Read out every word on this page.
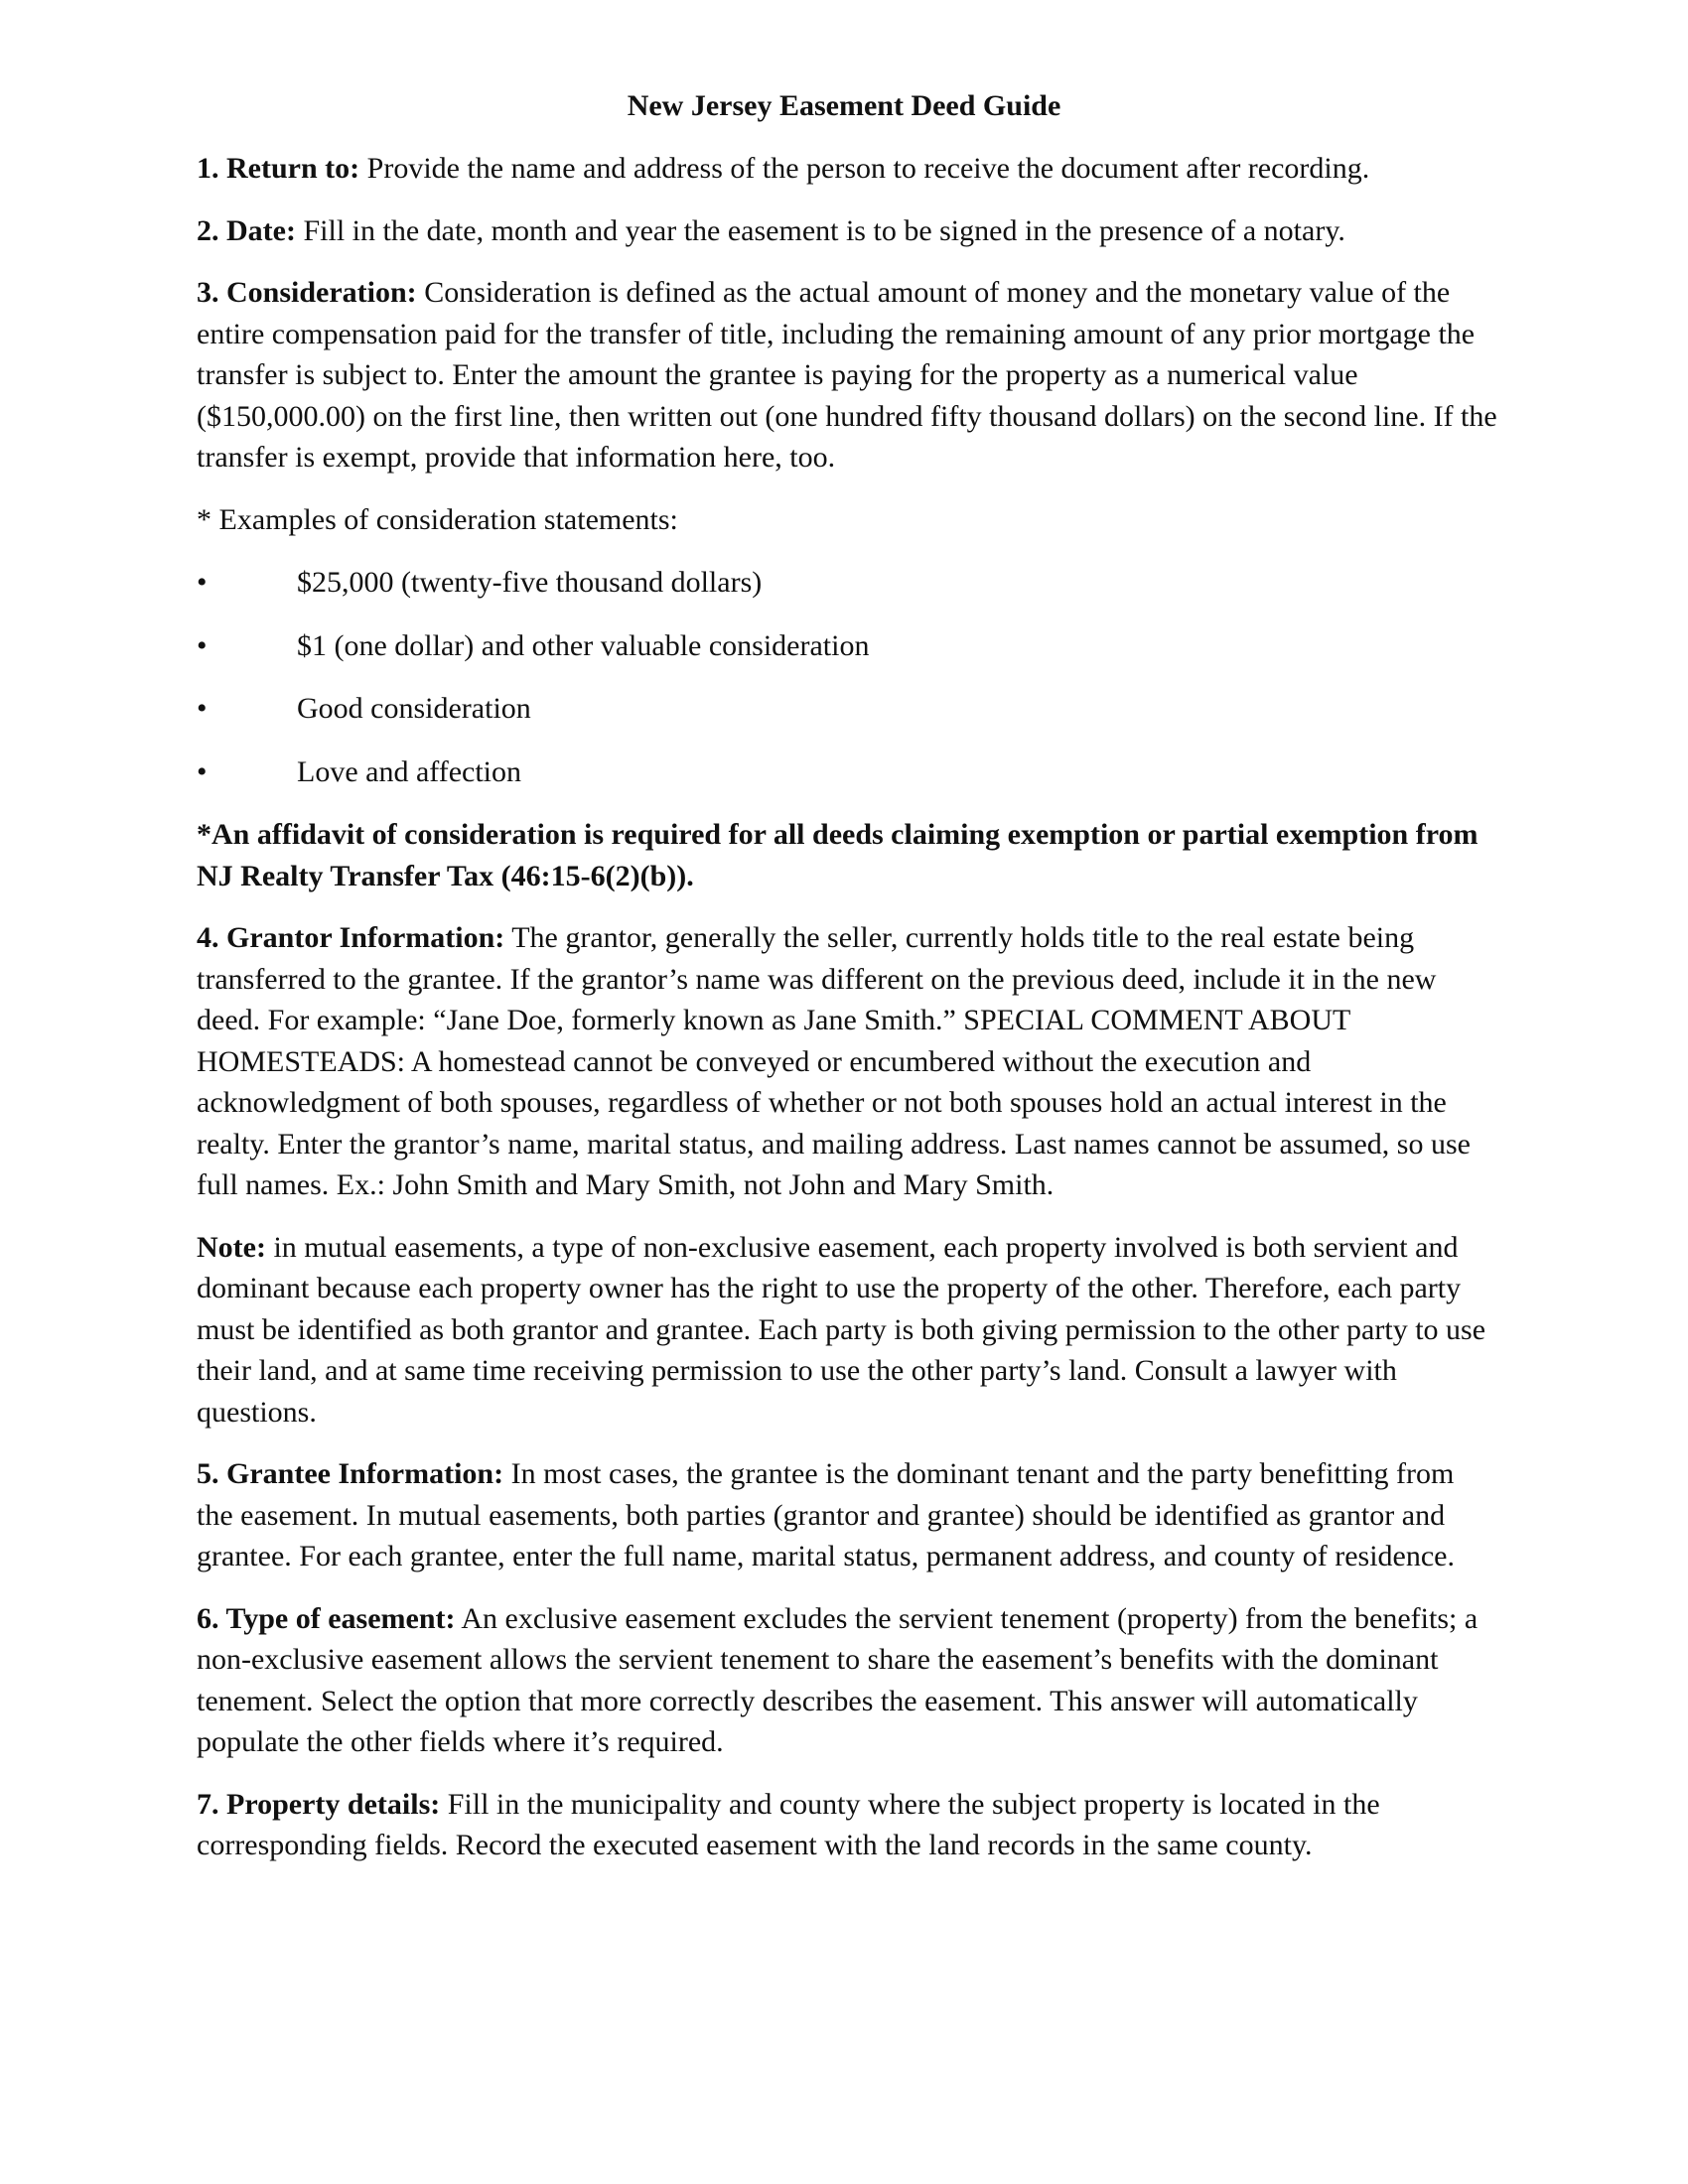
New Jersey Easement Deed Guide

1. Return to: Provide the name and address of the person to receive the document after recording.

2. Date: Fill in the date, month and year the easement is to be signed in the presence of a notary.

3. Consideration: Consideration is defined as the actual amount of money and the monetary value of the entire compensation paid for the transfer of title, including the remaining amount of any prior mortgage the transfer is subject to. Enter the amount the grantee is paying for the property as a numerical value ($150,000.00) on the first line, then written out (one hundred fifty thousand dollars) on the second line. If the transfer is exempt, provide that information here, too.

* Examples of consideration statements:

•	$25,000 (twenty-five thousand dollars)
•	$1 (one dollar) and other valuable consideration
•	Good consideration
•	Love and affection

*An affidavit of consideration is required for all deeds claiming exemption or partial exemption from NJ Realty Transfer Tax (46:15-6(2)(b)).

4. Grantor Information: The grantor, generally the seller, currently holds title to the real estate being transferred to the grantee. If the grantor’s name was different on the previous deed, include it in the new deed. For example: “Jane Doe, formerly known as Jane Smith.” SPECIAL COMMENT ABOUT HOMESTEADS: A homestead cannot be conveyed or encumbered without the execution and acknowledgment of both spouses, regardless of whether or not both spouses hold an actual interest in the realty. Enter the grantor’s name, marital status, and mailing address. Last names cannot be assumed, so use full names. Ex.: John Smith and Mary Smith, not John and Mary Smith.

Note: in mutual easements, a type of non-exclusive easement, each property involved is both servient and dominant because each property owner has the right to use the property of the other. Therefore, each party must be identified as both grantor and grantee. Each party is both giving permission to the other party to use their land, and at same time receiving permission to use the other party’s land. Consult a lawyer with questions.

5. Grantee Information: In most cases, the grantee is the dominant tenant and the party benefitting from the easement. In mutual easements, both parties (grantor and grantee) should be identified as grantor and grantee. For each grantee, enter the full name, marital status, permanent address, and county of residence.

6. Type of easement: An exclusive easement excludes the servient tenement (property) from the benefits; a non-exclusive easement allows the servient tenement to share the easement’s benefits with the dominant tenement. Select the option that more correctly describes the easement. This answer will automatically populate the other fields where it’s required.

7. Property details: Fill in the municipality and county where the subject property is located in the corresponding fields. Record the executed easement with the land records in the same county.
